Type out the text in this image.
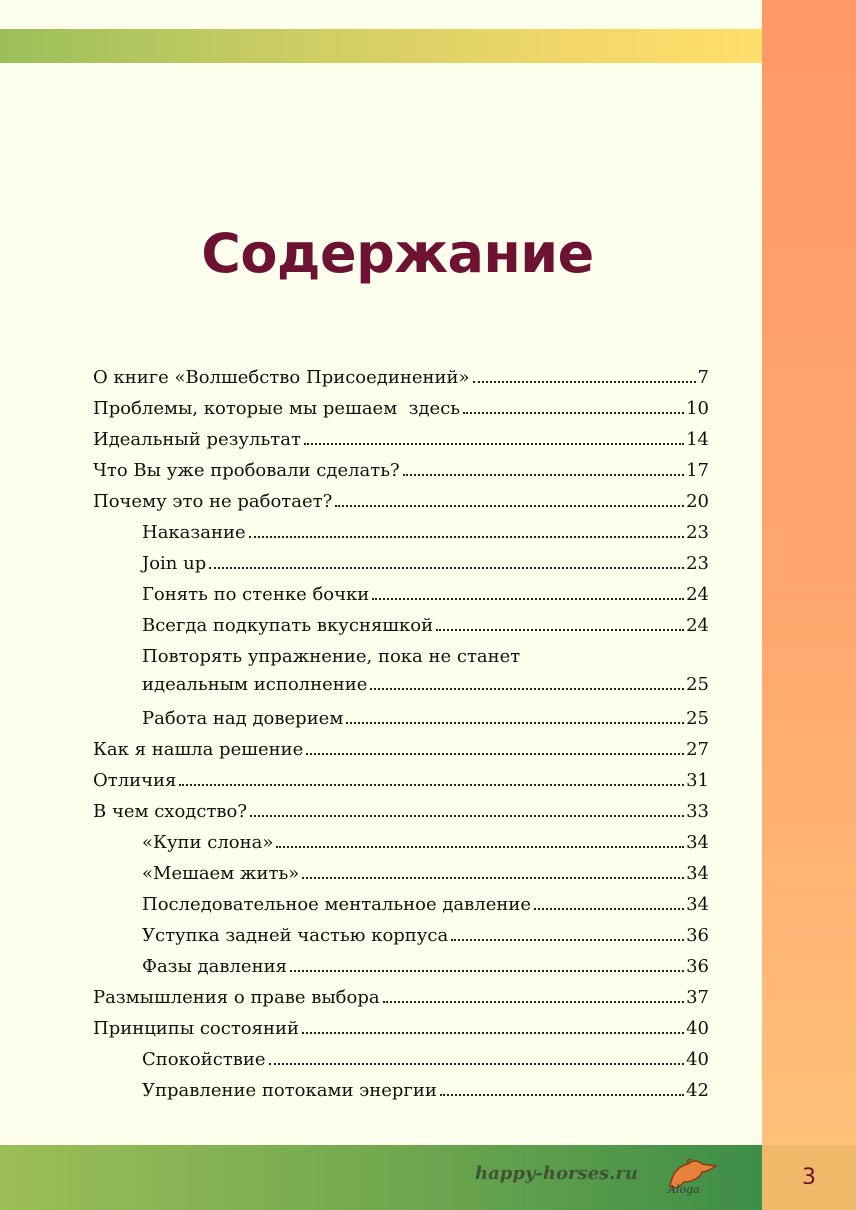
Содержание
О книге «Волшебство Присоединений»	7
Проблемы, которые мы решаем  здесь	10
Идеальный результат	14
Что Вы уже пробовали сделать?	17
Почему это не работает?	20
Наказание	23
Join up	23
Гонять по стенке бочки	24
Всегда подкупать вкусняшкой	24
Повторять упражнение, пока не станет
идеальным исполнение	25
Работа над доверием	25
Как я нашла решение	27
Отличия	31
В чем сходство?	33
«Купи слона»	34
«Мешаем жить»	34
Последовательное ментальное давление	34
Уступка задней частью корпуса	36
Фазы давления	36
Размышления о праве выбора	37
Принципы состояний	40
Спокойствие	40
Управление потоками энергии	42
happy-horses.ru
Aloga	3
